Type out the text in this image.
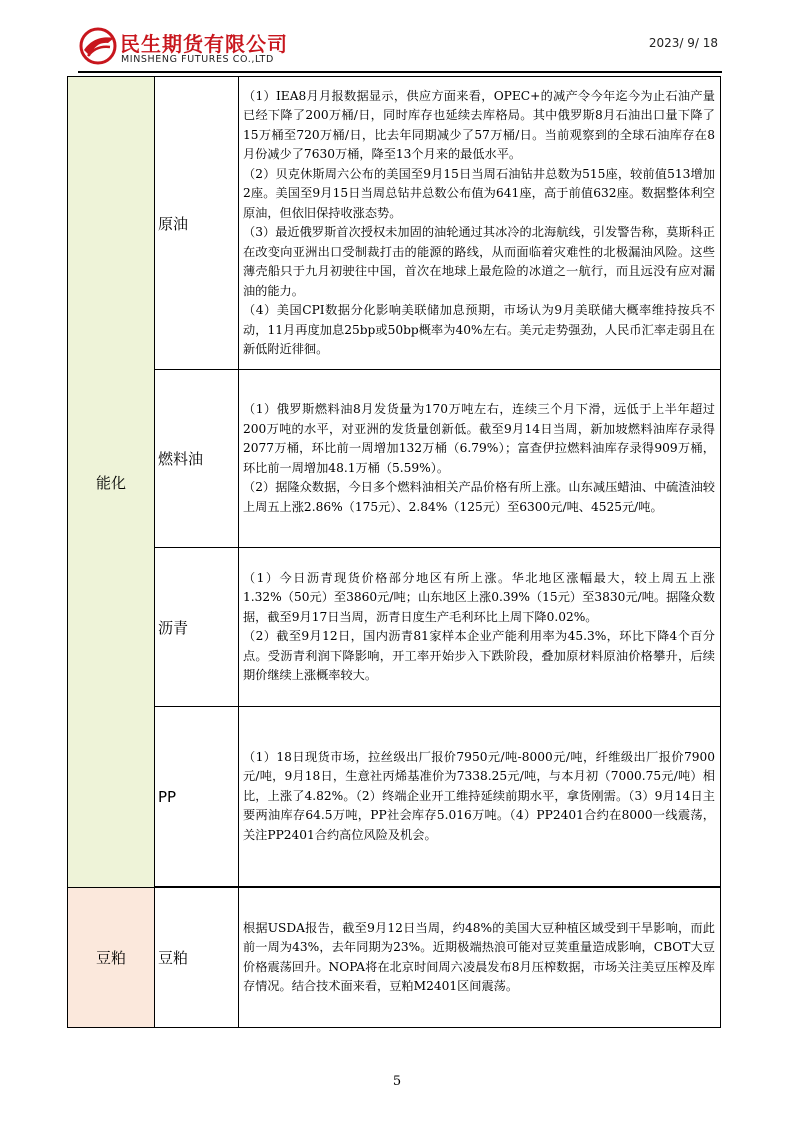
民生期货有限公司
MINSHENG FUTURES CO.,LTD
2023/ 9/ 18
能化
豆粕
原油

（1）IEA8月月报数据显示，供应方面来看，OPEC+的减产令今年迄今为止石油产量已经下降了200万桶/日，同时库存也延续去库格局。其中俄罗斯8月石油出口量下降了15万桶至720万桶/日，比去年同期减少了57万桶/日。当前观察到的全球石油库存在8月份减少了7630万桶，降至13个月来的最低水平。

（2）贝克休斯周六公布的美国至9月15日当周石油钻井总数为515座，较前值513增加2座。美国至9月15日当周总钻井总数公布值为641座，高于前值632座。数据整体利空原油，但依旧保持收涨态势。

（3）最近俄罗斯首次授权未加固的油轮通过其冰冷的北海航线，引发警告称，莫斯科正在改变向亚洲出口受制裁打击的能源的路线，从而面临着灾难性的北极漏油风险。这些薄壳船只于九月初驶往中国，首次在地球上最危险的冰道之一航行，而且远没有应对漏油的能力。

（4）美国CPI数据分化影响美联储加息预期，市场认为9月美联储大概率维持按兵不动，11月再度加息25bp或50bp概率为40%左右。美元走势强劲，人民币汇率走弱且在新低附近徘徊。

燃料油

（1）俄罗斯燃料油8月发货量为170万吨左右，连续三个月下滑，远低于上半年超过200万吨的水平，对亚洲的发货量创新低。截至9月14日当周，新加坡燃料油库存录得2077万桶，环比前一周增加132万桶（6.79%）；富查伊拉燃料油库存录得909万桶，环比前一周增加48.1万桶（5.59%）。

（2）据隆众数据，今日多个燃料油相关产品价格有所上涨。山东减压蜡油、中硫渣油较上周五上涨2.86%（175元）、2.84%（125元）至6300元/吨、4525元/吨。

沥青

（1）今日沥青现货价格部分地区有所上涨。华北地区涨幅最大，较上周五上涨1.32%（50元）至3860元/吨；山东地区上涨0.39%（15元）至3830元/吨。据隆众数据，截至9月17日当周，沥青日度生产毛利环比上周下降0.02%。

（2）截至9月12日，国内沥青81家样本企业产能利用率为45.3%，环比下降4个百分点。受沥青利润下降影响，开工率开始步入下跌阶段，叠加原材料原油价格攀升，后续期价继续上涨概率较大。

PP

（1）18日现货市场，拉丝级出厂报价7950元/吨-8000元/吨，纤维级出厂报价7900元/吨，9月18日，生意社丙烯基准价为7338.25元/吨，与本月初（7000.75元/吨）相比，上涨了4.82%。（2）终端企业开工维持延续前期水平，拿货刚需。（3）9月14日主要两油库存64.5万吨，PP社会库存5.016万吨。（4）PP2401合约在8000一线震荡，关注PP2401合约高位风险及机会。

豆粕

根据USDA报告，截至9月12日当周，约48%的美国大豆种植区域受到干旱影响，而此前一周为43%，去年同期为23%。近期极端热浪可能对豆荚重量造成影响，CBOT大豆价格震荡回升。NOPA将在北京时间周六凌晨发布8月压榨数据，市场关注美豆压榨及库存情况。结合技术面来看，豆粕M2401区间震荡。

5
